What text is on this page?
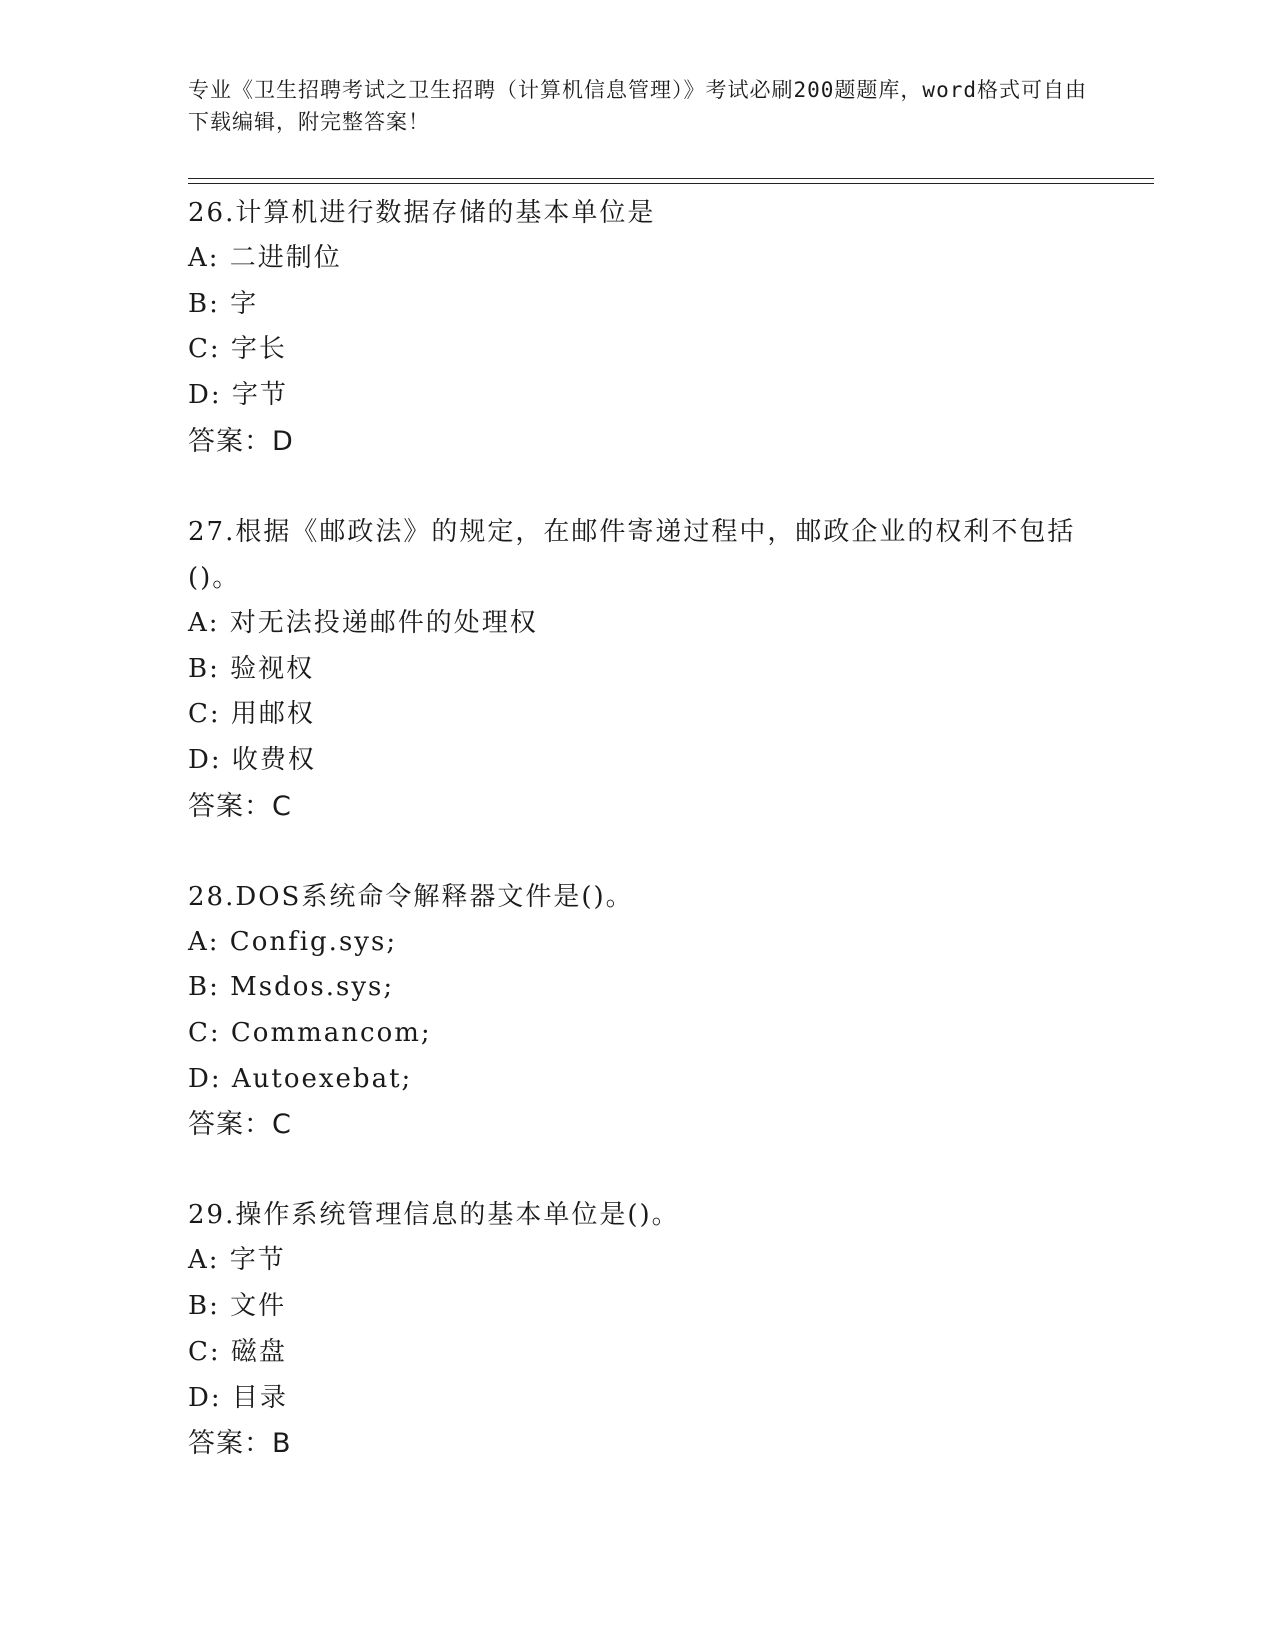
专业《卫生招聘考试之卫生招聘（计算机信息管理）》考试必刷200题题库，word格式可自由下载编辑，附完整答案！
26.计算机进行数据存储的基本单位是
A: 二进制位
B: 字
C: 字长
D: 字节
答案：D
27.根据《邮政法》的规定，在邮件寄递过程中，邮政企业的权利不包括()。
A: 对无法投递邮件的处理权
B: 验视权
C: 用邮权
D: 收费权
答案：C
28.DOS系统命令解释器文件是()。
A: Config.sys;
B: Msdos.sys;
C: Commancom;
D: Autoexebat;
答案：C
29.操作系统管理信息的基本单位是()。
A: 字节
B: 文件
C: 磁盘
D: 目录
答案：B
